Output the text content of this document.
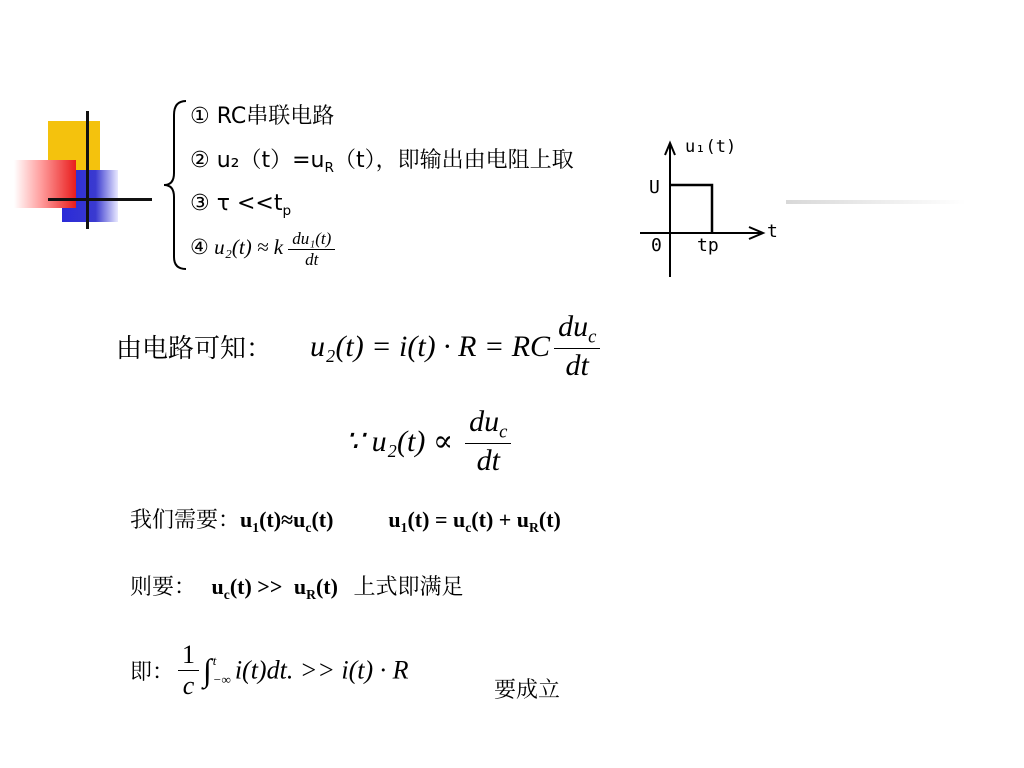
① RC串联电路
② $u_2(t)=u_R(t)$，即输出由电阻上取
③ $\tau <<t_p$
④ u₂(t) ≈ k $\frac{\text{du₁(t)}}{dt}$
u₁(t)
U
0 tp
t
由电路可知： u₂(t) = i(t) · R = RC $\frac{du_c}{dt}$
∵ $u_2(t) \propto \frac{du_c}{dt}$
我们需要：$u_1(t)\approx u_c(t)$	$u_1(t) = u_c(t) + u_R(t)$
则要： $u_c(t) >> u_R(t)$ 上式即满足
即： $\frac{1}{c}$ ∫ t
−∞ i(t)dt. >> i(t) · R
要成立
